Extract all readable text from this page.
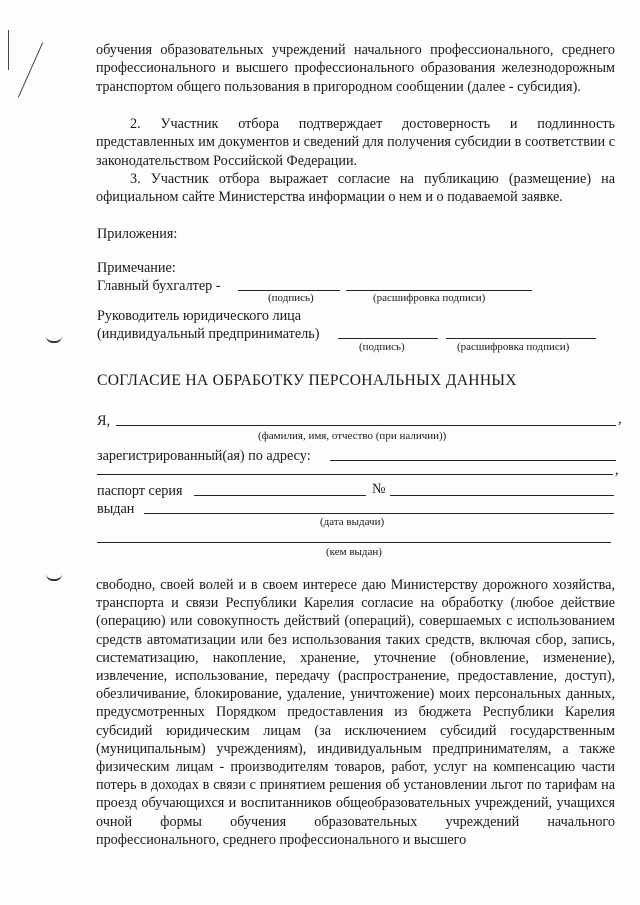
обучения образовательных учреждений начального профессионального, среднего профессионального и высшего профессионального образования железнодорожным транспортом общего пользования в пригородном сообщении (далее - субсидия).

2. Участник отбора подтверждает достоверность и подлинность представленных им документов и сведений для получения субсидии в соответствии с законодательством Российской Федерации.

3. Участник отбора выражает согласие на публикацию (размещение) на официальном сайте Министерства информации о нем и о подаваемой заявке.

Приложения:
Примечание:
Главный бухгалтер -
(подпись)	(расшифровка подписи)
Руководитель юридического лица
(индивидуальный предприниматель)
(подпись)	(расшифровка подписи)
СОГЛАСИЕ НА ОБРАБОТКУ ПЕРСОНАЛЬНЫХ ДАННЫХ
Я,	,
(фамилия, имя, отчество (при наличии))
зарегистрированный(ая) по адресу:
,
паспорт серия	№
выдан
(дата выдачи)
(кем выдан)

свободно, своей волей и в своем интересе даю Министерству дорожного хозяйства, транспорта и связи Республики Карелия согласие на обработку (любое действие (операцию) или совокупность действий (операций), совершаемых с использованием средств автоматизации или без использования таких средств, включая сбор, запись, систематизацию, накопление, хранение, уточнение (обновление, изменение), извлечение, использование, передачу (распространение, предоставление, доступ), обезличивание, блокирование, удаление, уничтожение) моих персональных данных, предусмотренных Порядком предоставления из бюджета Республики Карелия субсидий юридическим лицам (за исключением субсидий государственным (муниципальным) учреждениям), индивидуальным предпринимателям, а также физическим лицам - производителям товаров, работ, услуг на компенсацию части потерь в доходах в связи с принятием решения об установлении льгот по тарифам на проезд обучающихся и воспитанников общеобразовательных учреждений, учащихся очной формы обучения образовательных учреждений начального профессионального, среднего профессионального и высшего
